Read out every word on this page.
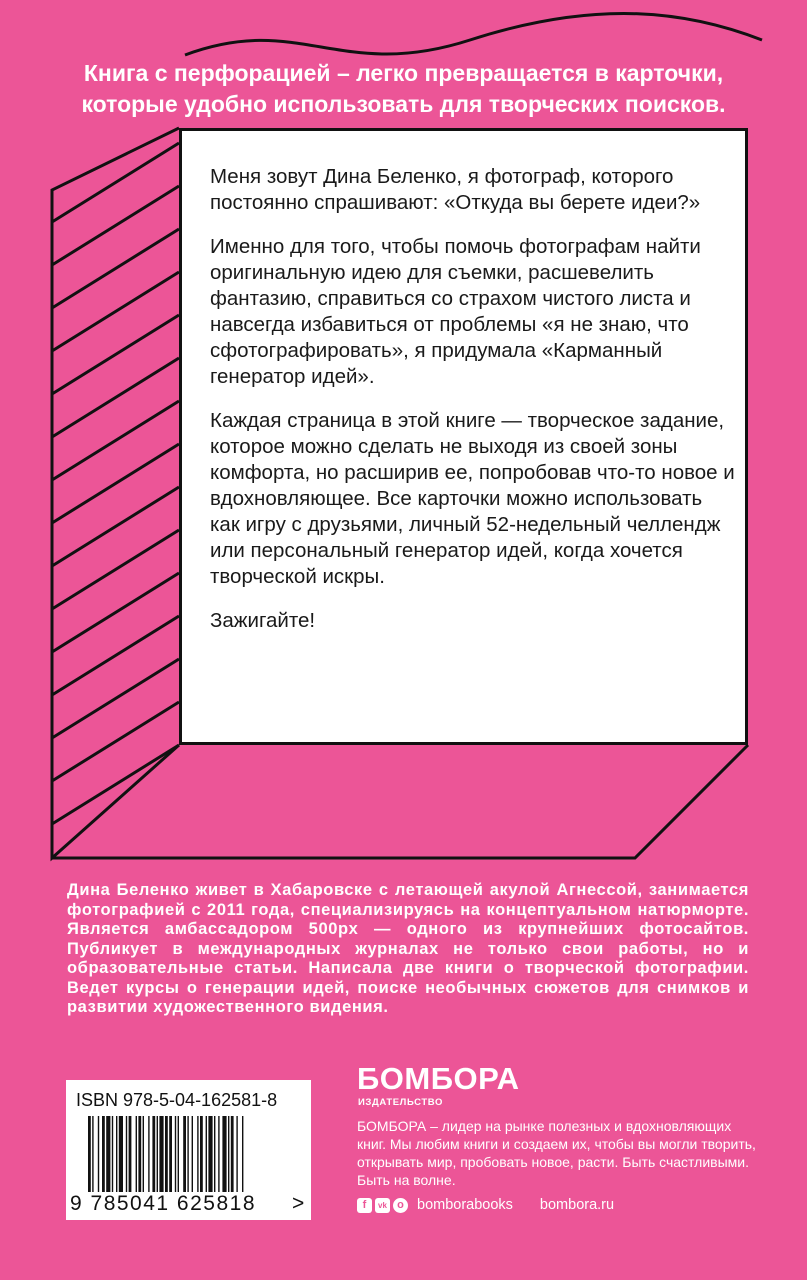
Книга с перфорацией – легко превращается в карточки,
которые удобно использовать для творческих поисков.

Меня зовут Дина Беленко, я фотограф, которого постоянно спрашивают: «Откуда вы берете идеи?»

Именно для того, чтобы помочь фотографам найти оригинальную идею для съемки, расшевелить фантазию, справиться со страхом чистого листа и навсегда избавиться от проблемы «я не знаю, что сфотографировать», я придумала «Карманный генератор идей».

Каждая страница в этой книге — творческое задание, которое можно сделать не выходя из своей зоны комфорта, но расширив ее, попробовав что-то новое и вдохновляющее. Все карточки можно использовать как игру с друзьями, личный 52-недельный челлендж или персональный генератор идей, когда хочется творческой искры.

Зажигайте!

Дина Беленко живет в Хабаровске с летающей акулой Агнессой, занимается фотографией с 2011 года, специализируясь на концептуальном натюрморте. Является амбассадором 500px — одного из крупнейших фотосайтов. Публикует в международных журналах не только свои работы, но и образовательные статьи. Написала две книги о творческой фотографии. Ведет курсы о генерации идей, поиске необычных сюжетов для снимков и развитии художественного видения.
ISBN 978-5-04-162581-8
9 785041 625818 >
БОМБОРА
ИЗДАТЕЛЬСТВО
БОМБОРА – лидер на рынке полезных и вдохновляющих книг. Мы любим книги и создаем их, чтобы вы могли творить, открывать мир, пробовать новое, расти. Быть счастливыми. Быть на волне.
f	vk o bomborabooks bombora.ru
